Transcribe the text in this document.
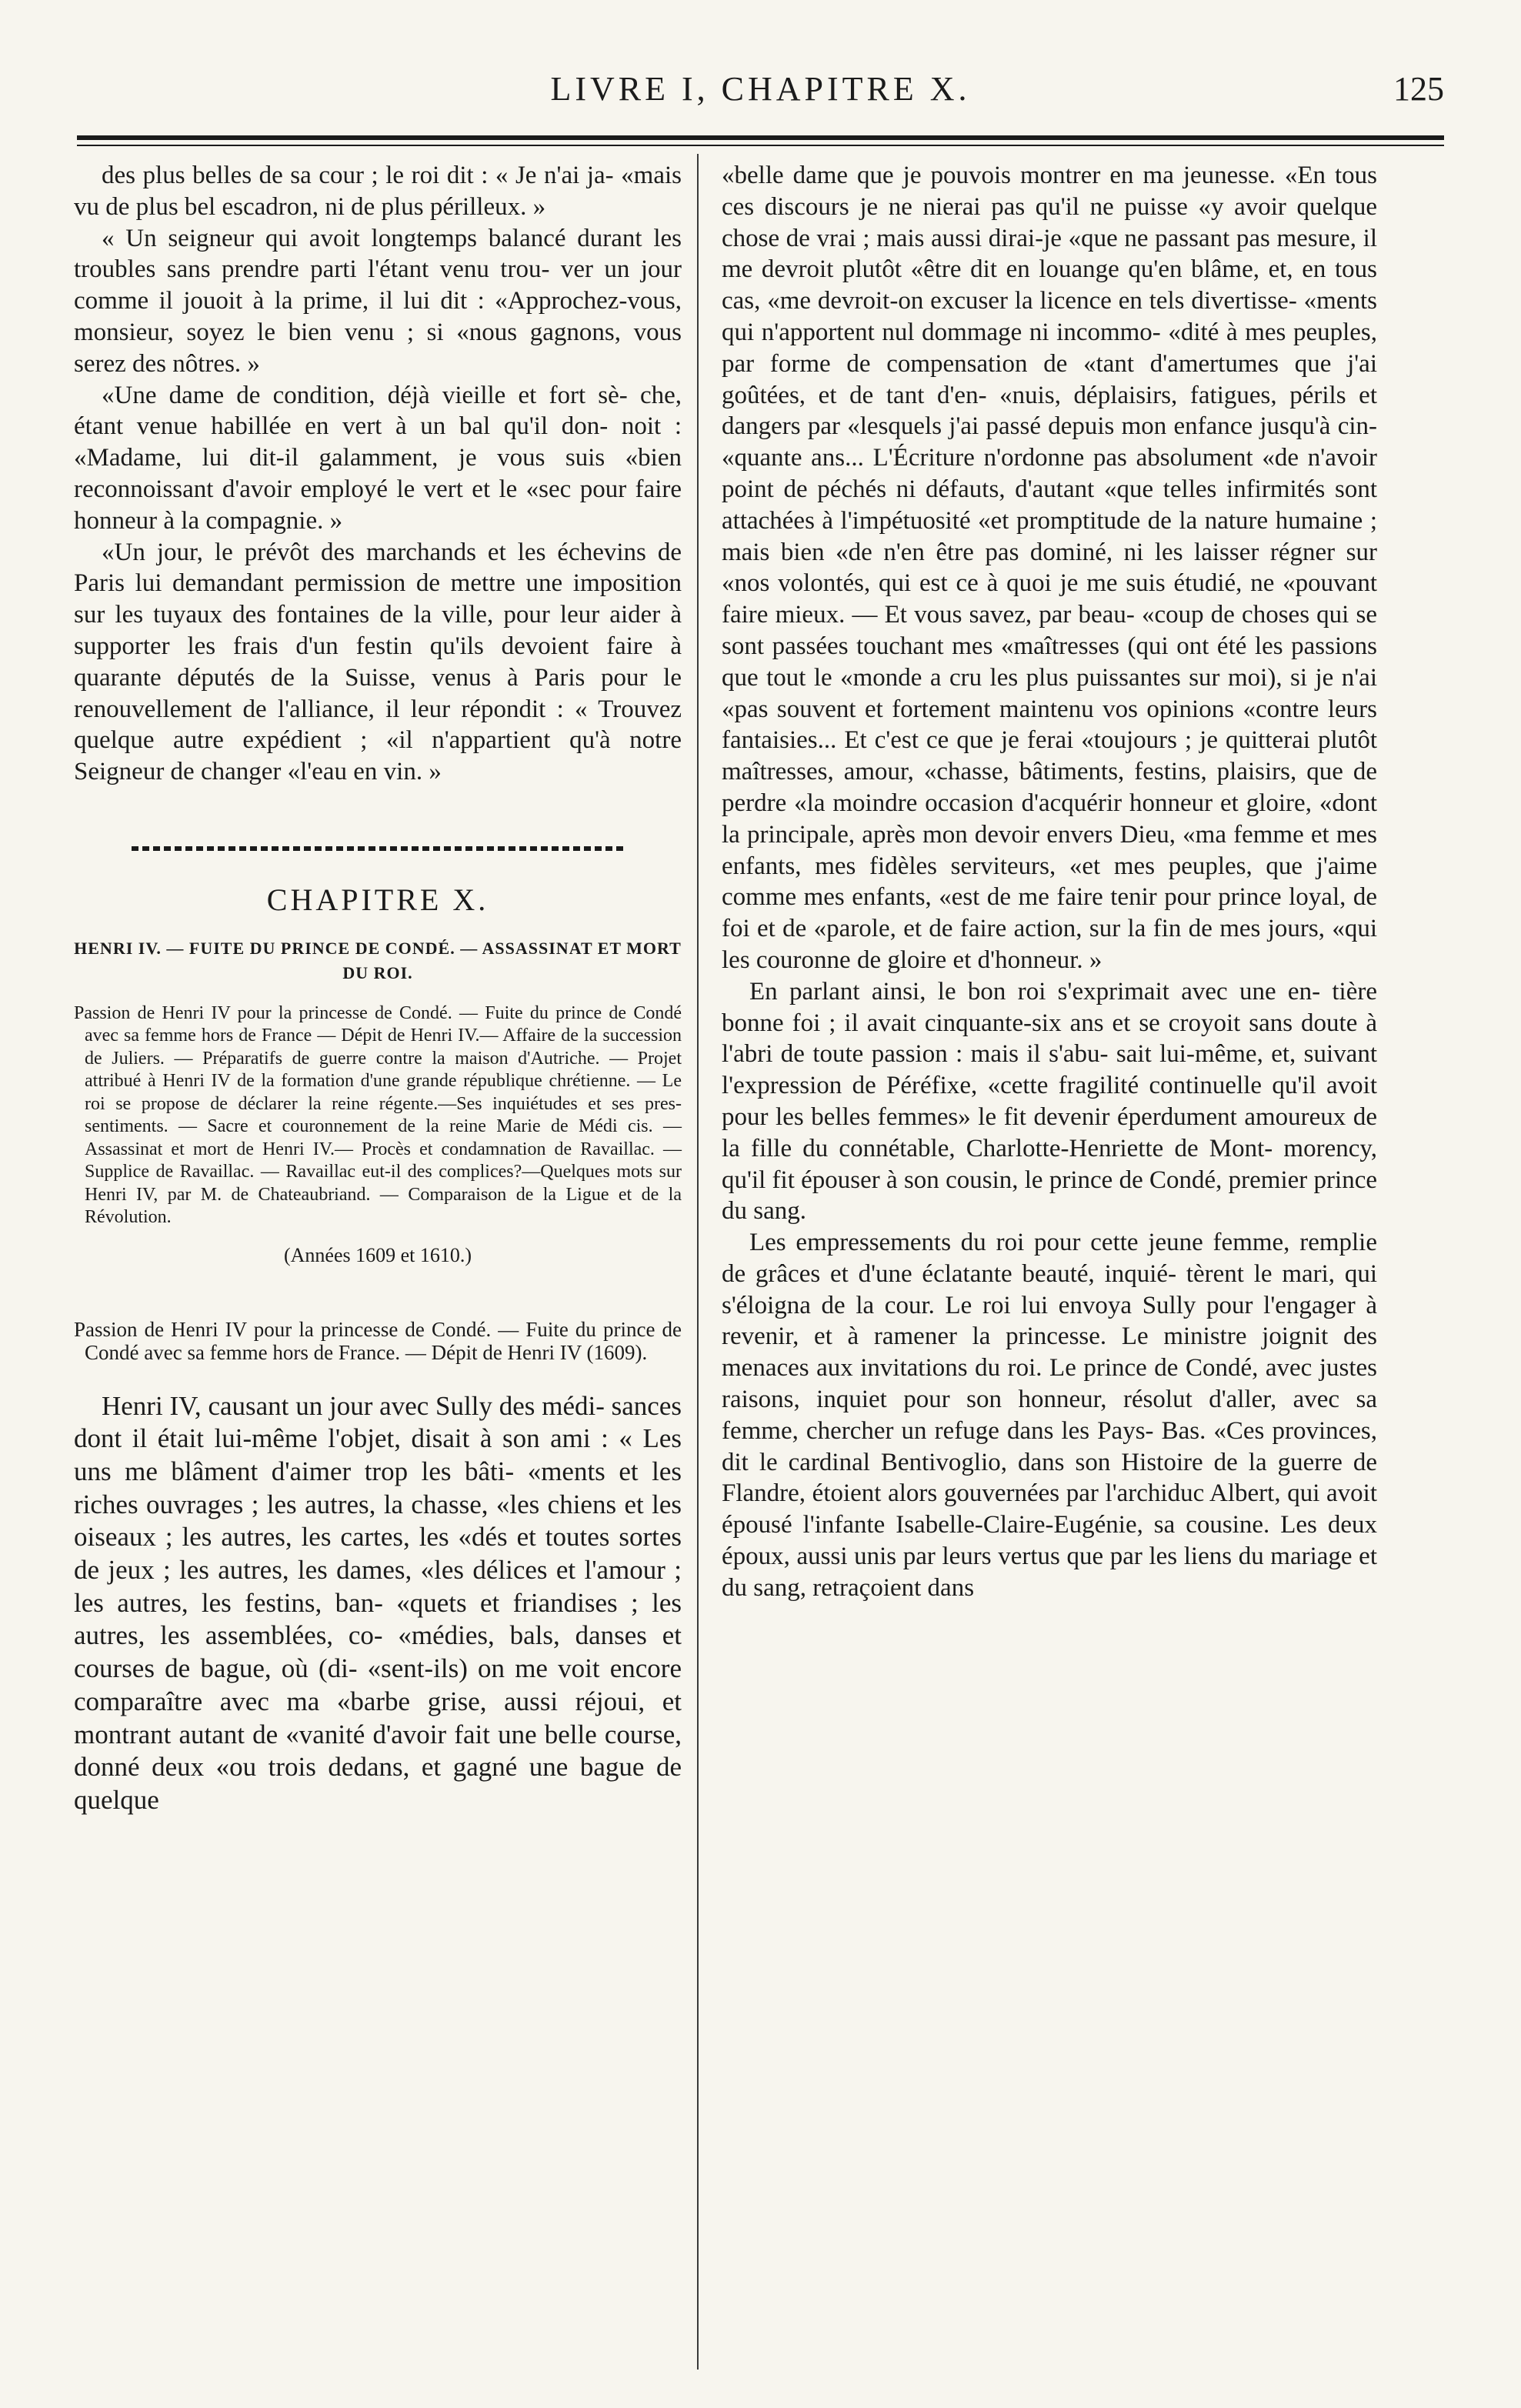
LIVRE I, CHAPITRE X.	125

des plus belles de sa cour ; le roi dit : « Je n'ai ja- «mais vu de plus bel escadron, ni de plus périlleux. »

« Un seigneur qui avoit longtemps balancé durant les troubles sans prendre parti l'étant venu trou- ver un jour comme il jouoit à la prime, il lui dit : «Approchez-vous, monsieur, soyez le bien venu ; si «nous gagnons, vous serez des nôtres. »

«Une dame de condition, déjà vieille et fort sè- che, étant venue habillée en vert à un bal qu'il don- noit : «Madame, lui dit-il galamment, je vous suis «bien reconnoissant d'avoir employé le vert et le «sec pour faire honneur à la compagnie. »

«Un jour, le prévôt des marchands et les échevins de Paris lui demandant permission de mettre une imposition sur les tuyaux des fontaines de la ville, pour leur aider à supporter les frais d'un festin qu'ils devoient faire à quarante députés de la Suisse, venus à Paris pour le renouvellement de l'alliance, il leur répondit : « Trouvez quelque autre expédient ; «il n'appartient qu'à notre Seigneur de changer «l'eau en vin. »

CHAPITRE X.
HENRI IV. — FUITE DU PRINCE DE CONDÉ. — ASSASSINAT ET MORT DU ROI.

Passion de Henri IV pour la princesse de Condé. — Fuite du prince de Condé avec sa femme hors de France — Dépit de Henri IV.— Affaire de la succession de Juliers. — Préparatifs de guerre contre la maison d'Autriche. — Projet attribué à Henri IV de la formation d'une grande république chrétienne. — Le roi se propose de déclarer la reine régente.—Ses inquiétudes et ses pres- sentiments. — Sacre et couronnement de la reine Marie de Médi cis. — Assassinat et mort de Henri IV.— Procès et condamnation de Ravaillac. — Supplice de Ravaillac. — Ravaillac eut-il des complices?—Quelques mots sur Henri IV, par M. de Chateaubriand. — Comparaison de la Ligue et de la Révolution.

(Années 1609 et 1610.)

Passion de Henri IV pour la princesse de Condé. — Fuite du prince de Condé avec sa femme hors de France. — Dépit de Henri IV (1609).

Henri IV, causant un jour avec Sully des médi- sances dont il était lui-même l'objet, disait à son ami : « Les uns me blâment d'aimer trop les bâti- «ments et les riches ouvrages ; les autres, la chasse, «les chiens et les oiseaux ; les autres, les cartes, les «dés et toutes sortes de jeux ; les autres, les dames, «les délices et l'amour ; les autres, les festins, ban- «quets et friandises ; les autres, les assemblées, co- «médies, bals, danses et courses de bague, où (di- «sent-ils) on me voit encore comparaître avec ma «barbe grise, aussi réjoui, et montrant autant de «vanité d'avoir fait une belle course, donné deux «ou trois dedans, et gagné une bague de quelque

«belle dame que je pouvois montrer en ma jeunesse. «En tous ces discours je ne nierai pas qu'il ne puisse «y avoir quelque chose de vrai ; mais aussi dirai-je «que ne passant pas mesure, il me devroit plutôt «être dit en louange qu'en blâme, et, en tous cas, «me devroit-on excuser la licence en tels divertisse- «ments qui n'apportent nul dommage ni incommo- «dité à mes peuples, par forme de compensation de «tant d'amertumes que j'ai goûtées, et de tant d'en- «nuis, déplaisirs, fatigues, périls et dangers par «lesquels j'ai passé depuis mon enfance jusqu'à cin- «quante ans... L'Écriture n'ordonne pas absolument «de n'avoir point de péchés ni défauts, d'autant «que telles infirmités sont attachées à l'impétuosité «et promptitude de la nature humaine ; mais bien «de n'en être pas dominé, ni les laisser régner sur «nos volontés, qui est ce à quoi je me suis étudié, ne «pouvant faire mieux. — Et vous savez, par beau- «coup de choses qui se sont passées touchant mes «maîtresses (qui ont été les passions que tout le «monde a cru les plus puissantes sur moi), si je n'ai «pas souvent et fortement maintenu vos opinions «contre leurs fantaisies... Et c'est ce que je ferai «toujours ; je quitterai plutôt maîtresses, amour, «chasse, bâtiments, festins, plaisirs, que de perdre «la moindre occasion d'acquérir honneur et gloire, «dont la principale, après mon devoir envers Dieu, «ma femme et mes enfants, mes fidèles serviteurs, «et mes peuples, que j'aime comme mes enfants, «est de me faire tenir pour prince loyal, de foi et de «parole, et de faire action, sur la fin de mes jours, «qui les couronne de gloire et d'honneur. »

En parlant ainsi, le bon roi s'exprimait avec une en- tière bonne foi ; il avait cinquante-six ans et se croyoit sans doute à l'abri de toute passion : mais il s'abu- sait lui-même, et, suivant l'expression de Péréfixe, «cette fragilité continuelle qu'il avoit pour les belles femmes» le fit devenir éperdument amoureux de la fille du connétable, Charlotte-Henriette de Mont- morency, qu'il fit épouser à son cousin, le prince de Condé, premier prince du sang.

Les empressements du roi pour cette jeune femme, remplie de grâces et d'une éclatante beauté, inquié- tèrent le mari, qui s'éloigna de la cour. Le roi lui envoya Sully pour l'engager à revenir, et à ramener la princesse. Le ministre joignit des menaces aux invitations du roi. Le prince de Condé, avec justes raisons, inquiet pour son honneur, résolut d'aller, avec sa femme, chercher un refuge dans les Pays- Bas. «Ces provinces, dit le cardinal Bentivoglio, dans son Histoire de la guerre de Flandre, étoient alors gouvernées par l'archiduc Albert, qui avoit épousé l'infante Isabelle-Claire-Eugénie, sa cousine. Les deux époux, aussi unis par leurs vertus que par les liens du mariage et du sang, retraçoient dans
